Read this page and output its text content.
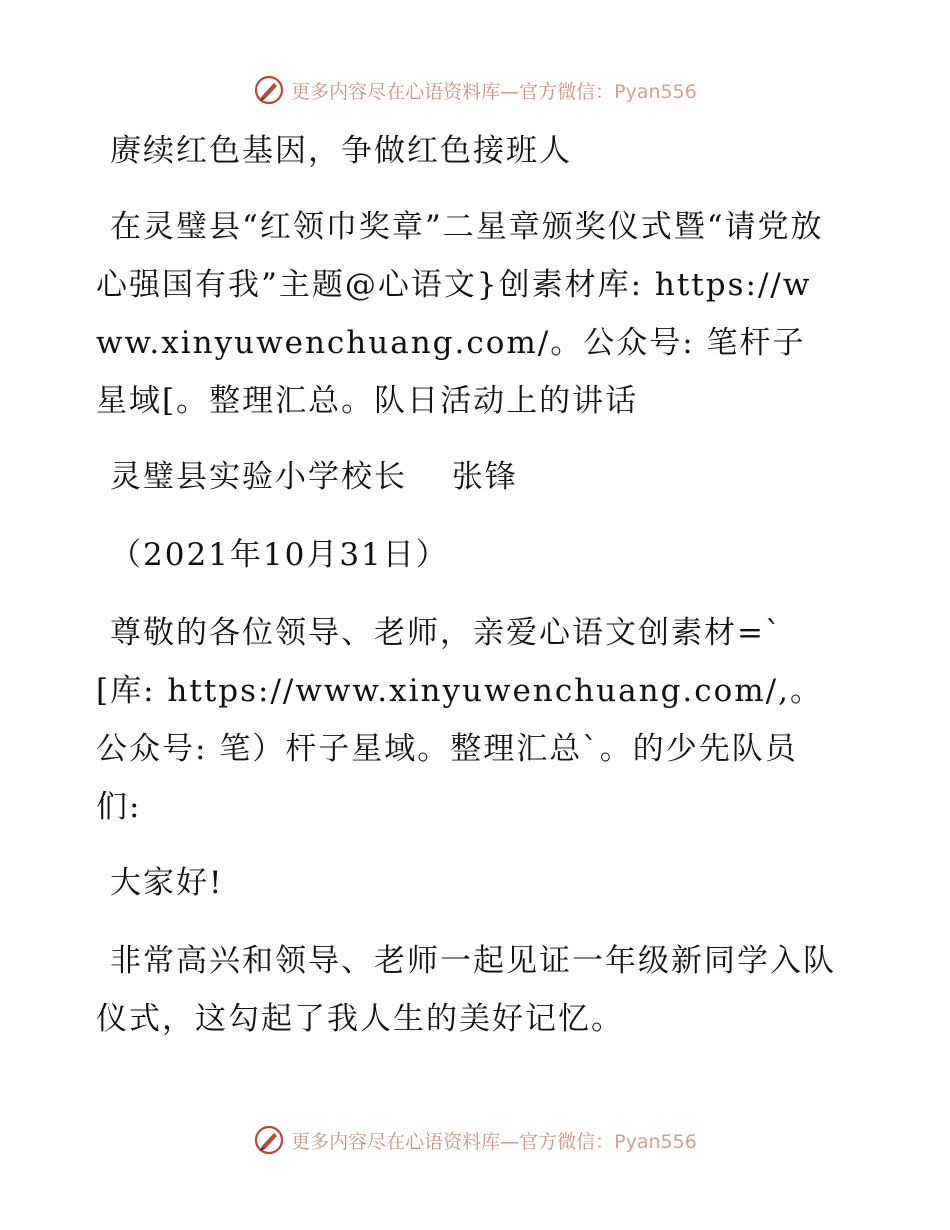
更多内容尽在心语资料库—官方微信：Pyan556

赓续红色基因，争做红色接班人

在灵璧县“红领巾奖章”二星章颁奖仪式暨“请党放心强国有我”主题@心语文}创素材库: https://www.xinyuwenchuang.com/。公众号: 笔杆子星域[。整理汇总。队日活动上的讲话

灵璧县实验小学校长　 张锋

（2021年10月31日）

尊敬的各位领导、老师，亲爱心语文创素材=`[库: https://www.xinyuwenchuang.com/,。公众号: 笔）杆子星域。整理汇总`。的少先队员们:

大家好!

非常高兴和领导、老师一起见证一年级新同学入队仪式，这勾起了我人生的美好记忆。

更多内容尽在心语资料库—官方微信：Pyan556
